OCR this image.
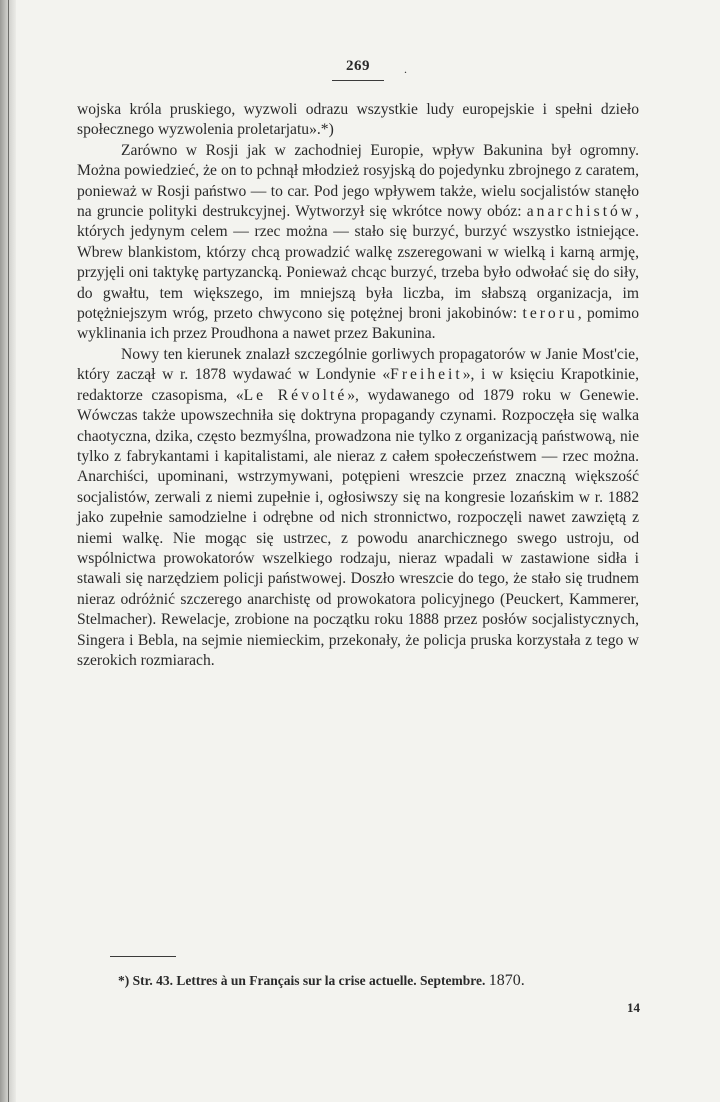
269	.

wojska króla pruskiego, wyzwoli odrazu wszystkie ludy europejskie i spełni dzieło społecznego wyzwolenia proletarjatu».*)

Zarówno w Rosji jak w zachodniej Europie, wpływ Bakunina był ogromny. Można powiedzieć, że on to pchnął młodzież rosyjską do pojedynku zbrojnego z caratem, ponieważ w Rosji państwo — to car. Pod jego wpływem także, wielu socjalistów stanęło na gruncie polityki destrukcyjnej. Wytworzył się wkrótce nowy obóz: anarchistów, których jedynym celem — rzec można — stało się burzyć, burzyć wszystko istniejące. Wbrew blankistom, którzy chcą prowadzić walkę zszeregowani w wielką i karną armję, przyjęli oni taktykę partyzancką. Ponieważ chcąc burzyć, trzeba było odwołać się do siły, do gwałtu, tem większego, im mniejszą była liczba, im słabszą organizacja, im potężniejszym wróg, przeto chwycono się potężnej broni jakobinów: teroru, pomimo wyklinania ich przez Proudhona a nawet przez Bakunina.

Nowy ten kierunek znalazł szczególnie gorliwych propagatorów w Janie Most'cie, który zaczął w r. 1878 wydawać w Londynie «Freiheit», i w księciu Krapotkinie, redaktorze czasopisma, «Le Révolté», wydawanego od 1879 roku w Genewie. Wówczas także upowszechniła się doktryna propagandy czynami. Rozpoczęła się walka chaotyczna, dzika, często bezmyślna, prowadzona nie tylko z organizacją państwową, nie tylko z fabrykantami i kapitalistami, ale nieraz z całem społeczeństwem — rzec można. Anarchiści, upominani, wstrzymywani, potępieni wreszcie przez znaczną większość socjalistów, zerwali z niemi zupełnie i, ogłosiwszy się na kongresie lozańskim w r. 1882 jako zupełnie samodzielne i odrębne od nich stronnictwo, rozpoczęli nawet zawziętą z niemi walkę. Nie mogąc się ustrzec, z powodu anarchicznego swego ustroju, od wspólnictwa prowokatorów wszelkiego rodzaju, nieraz wpadali w zastawione sidła i stawali się narzędziem policji państwowej. Doszło wreszcie do tego, że stało się trudnem nieraz odróżnić szczerego anarchistę od prowokatora policyjnego (Peuckert, Kammerer, Stelmacher). Rewelacje, zrobione na początku roku 1888 przez posłów socjalistycznych, Singera i Bebla, na sejmie niemieckim, przekonały, że policja pruska korzystała z tego w szerokich rozmiarach.

*) Str. 43. Lettres à un Français sur la crise actuelle. Septembre. 1870.
14
